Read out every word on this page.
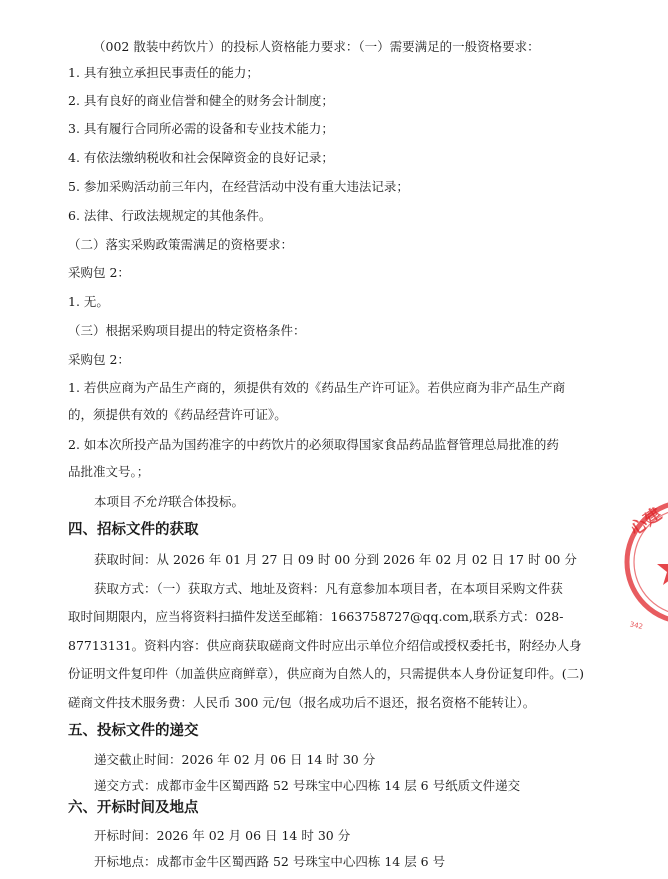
（002 散装中药饮片）的投标人资格能力要求：（一）需要满足的一般资格要求：
1. 具有独立承担民事责任的能力；
2. 具有良好的商业信誉和健全的财务会计制度；
3. 具有履行合同所必需的设备和专业技术能力；
4. 有依法缴纳税收和社会保障资金的良好记录；
5. 参加采购活动前三年内，在经营活动中没有重大违法记录；
6. 法律、行政法规规定的其他条件。
（二）落实采购政策需满足的资格要求：
采购包 2：
1. 无。
（三）根据采购项目提出的特定资格条件：
采购包 2：
1. 若供应商为产品生产商的，须提供有效的《药品生产许可证》。若供应商为非产品生产商
的，须提供有效的《药品经营许可证》。
2. 如本次所投产品为国药准字的中药饮片的必须取得国家食品药品监督管理总局批准的药
品批准文号。；
本项目不允许联合体投标。
四、招标文件的获取
获取时间：从 2026 年 01 月 27 日 09 时 00 分到 2026 年 02 月 02 日 17 时 00 分
获取方式：（一）获取方式、地址及资料：凡有意参加本项目者，在本项目采购文件获
取时间期限内，应当将资料扫描件发送至邮箱：1663758727@qq.com,联系方式：028-
87713131。资料内容：供应商获取磋商文件时应出示单位介绍信或授权委托书，附经办人身
份证明文件复印件（加盖供应商鲜章），供应商为自然人的，只需提供本人身份证复印件。(二)
磋商文件技术服务费：人民币 300 元/包（报名成功后不退还，报名资格不能转让）。
五、投标文件的递交
递交截止时间：2026 年 02 月 06 日 14 时 30 分
递交方式：成都市金牛区蜀西路 52 号珠宝中心四栋 14 层 6 号纸质文件递交
六、开标时间及地点
开标时间：2026 年 02 月 06 日 14 时 30 分
开标地点：成都市金牛区蜀西路 52 号珠宝中心四栋 14 层 6 号
心建
342
